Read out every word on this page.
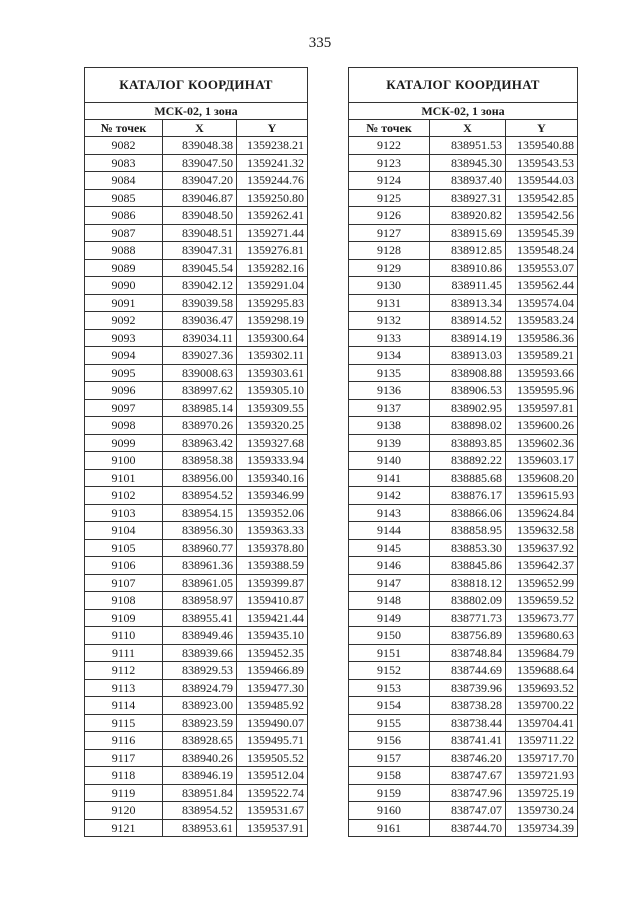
335
КАТАЛОГ КООРДИНАТ		
МСК-02, 1 зона		
№ точек	X	Y
9082	839048.38	1359238.21
9083	839047.50	1359241.32
9084	839047.20	1359244.76
9085	839046.87	1359250.80
9086	839048.50	1359262.41
9087	839048.51	1359271.44
9088	839047.31	1359276.81
9089	839045.54	1359282.16
9090	839042.12	1359291.04
9091	839039.58	1359295.83
9092	839036.47	1359298.19
9093	839034.11	1359300.64
9094	839027.36	1359302.11
9095	839008.63	1359303.61
9096	838997.62	1359305.10
9097	838985.14	1359309.55
9098	838970.26	1359320.25
9099	838963.42	1359327.68
9100	838958.38	1359333.94
9101	838956.00	1359340.16
9102	838954.52	1359346.99
9103	838954.15	1359352.06
9104	838956.30	1359363.33
9105	838960.77	1359378.80
9106	838961.36	1359388.59
9107	838961.05	1359399.87
9108	838958.97	1359410.87
9109	838955.41	1359421.44
9110	838949.46	1359435.10
9111	838939.66	1359452.35
9112	838929.53	1359466.89
9113	838924.79	1359477.30
9114	838923.00	1359485.92
9115	838923.59	1359490.07
9116	838928.65	1359495.71
9117	838940.26	1359505.52
9118	838946.19	1359512.04
9119	838951.84	1359522.74
9120	838954.52	1359531.67
9121	838953.61	1359537.91
КАТАЛОГ КООРДИНАТ		
МСК-02, 1 зона		
№ точек	X	Y
9122	838951.53	1359540.88
9123	838945.30	1359543.53
9124	838937.40	1359544.03
9125	838927.31	1359542.85
9126	838920.82	1359542.56
9127	838915.69	1359545.39
9128	838912.85	1359548.24
9129	838910.86	1359553.07
9130	838911.45	1359562.44
9131	838913.34	1359574.04
9132	838914.52	1359583.24
9133	838914.19	1359586.36
9134	838913.03	1359589.21
9135	838908.88	1359593.66
9136	838906.53	1359595.96
9137	838902.95	1359597.81
9138	838898.02	1359600.26
9139	838893.85	1359602.36
9140	838892.22	1359603.17
9141	838885.68	1359608.20
9142	838876.17	1359615.93
9143	838866.06	1359624.84
9144	838858.95	1359632.58
9145	838853.30	1359637.92
9146	838845.86	1359642.37
9147	838818.12	1359652.99
9148	838802.09	1359659.52
9149	838771.73	1359673.77
9150	838756.89	1359680.63
9151	838748.84	1359684.79
9152	838744.69	1359688.64
9153	838739.96	1359693.52
9154	838738.28	1359700.22
9155	838738.44	1359704.41
9156	838741.41	1359711.22
9157	838746.20	1359717.70
9158	838747.67	1359721.93
9159	838747.96	1359725.19
9160	838747.07	1359730.24
9161	838744.70	1359734.39
